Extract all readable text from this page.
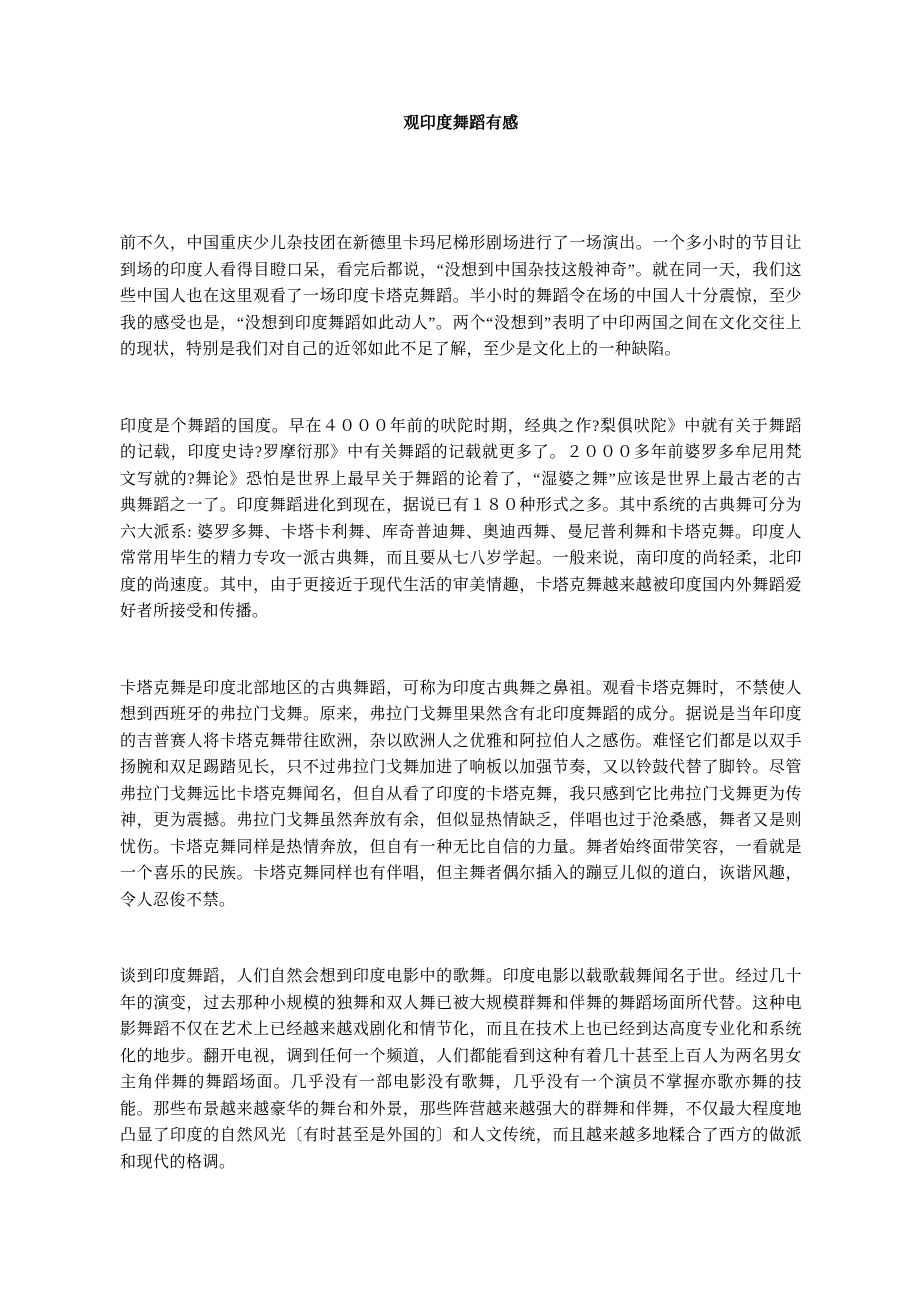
观印度舞蹈有感

前不久，中国重庆少儿杂技团在新德里卡玛尼梯形剧场进行了一场演出。一个多小时的节目让到场的印度人看得目瞪口呆，看完后都说，“没想到中国杂技这般神奇”。就在同一天，我们这些中国人也在这里观看了一场印度卡塔克舞蹈。半小时的舞蹈令在场的中国人十分震惊，至少我的感受也是，“没想到印度舞蹈如此动人”。两个“没想到”表明了中印两国之间在文化交往上的现状，特别是我们对自己的近邻如此不足了解，至少是文化上的一种缺陷。

印度是个舞蹈的国度。早在４０００年前的吠陀时期，经典之作?梨俱吠陀》中就有关于舞蹈的记载，印度史诗?罗摩衍那》中有关舞蹈的记载就更多了。２０００多年前婆罗多牟尼用梵文写就的?舞论》恐怕是世界上最早关于舞蹈的论着了，“湿婆之舞”应该是世界上最古老的古典舞蹈之一了。印度舞蹈进化到现在，据说已有１８０种形式之多。其中系统的古典舞可分为六大派系: 婆罗多舞、卡塔卡利舞、库奇普迪舞、奥迪西舞、曼尼普利舞和卡塔克舞。印度人常常用毕生的精力专攻一派古典舞，而且要从七八岁学起。一般来说，南印度的尚轻柔，北印度的尚速度。其中，由于更接近于现代生活的审美情趣，卡塔克舞越来越被印度国内外舞蹈爱好者所接受和传播。

卡塔克舞是印度北部地区的古典舞蹈，可称为印度古典舞之鼻祖。观看卡塔克舞时，不禁使人想到西班牙的弗拉门戈舞。原来，弗拉门戈舞里果然含有北印度舞蹈的成分。据说是当年印度的吉普赛人将卡塔克舞带往欧洲，杂以欧洲人之优雅和阿拉伯人之感伤。难怪它们都是以双手扬腕和双足踢踏见长，只不过弗拉门戈舞加进了响板以加强节奏，又以铃鼓代替了脚铃。尽管弗拉门戈舞远比卡塔克舞闻名，但自从看了印度的卡塔克舞，我只感到它比弗拉门戈舞更为传神，更为震撼。弗拉门戈舞虽然奔放有余，但似显热情缺乏，伴唱也过于沧桑感，舞者又是则忧伤。卡塔克舞同样是热情奔放，但自有一种无比自信的力量。舞者始终面带笑容，一看就是一个喜乐的民族。卡塔克舞同样也有伴唱，但主舞者偶尔插入的蹦豆儿似的道白，诙谐风趣，令人忍俊不禁。

谈到印度舞蹈，人们自然会想到印度电影中的歌舞。印度电影以载歌载舞闻名于世。经过几十年的演变，过去那种小规模的独舞和双人舞已被大规模群舞和伴舞的舞蹈场面所代替。这种电影舞蹈不仅在艺术上已经越来越戏剧化和情节化，而且在技术上也已经到达高度专业化和系统化的地步。翻开电视，调到任何一个频道，人们都能看到这种有着几十甚至上百人为两名男女主角伴舞的舞蹈场面。几乎没有一部电影没有歌舞，几乎没有一个演员不掌握亦歌亦舞的技能。那些布景越来越豪华的舞台和外景，那些阵营越来越强大的群舞和伴舞，不仅最大程度地凸显了印度的自然风光〔有时甚至是外国的〕和人文传统，而且越来越多地糅合了西方的做派和现代的格调。
